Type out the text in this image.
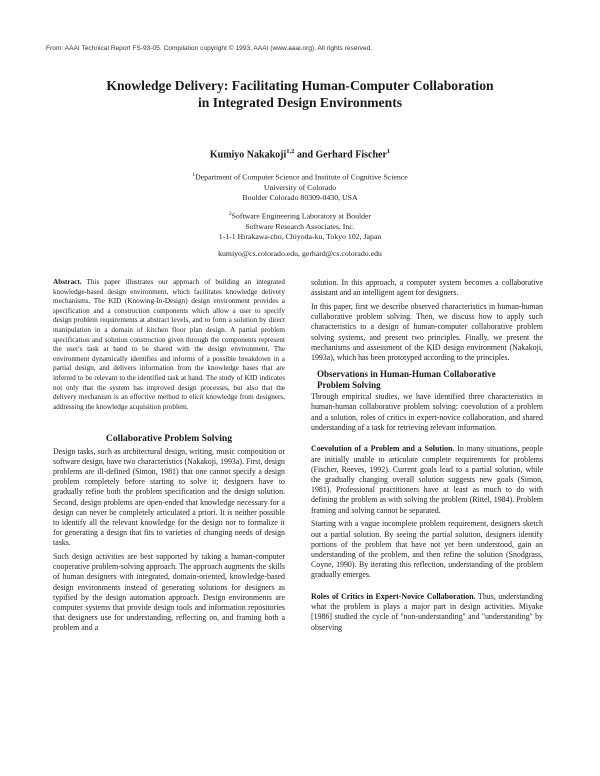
From: AAAI Technical Report FS-93-05. Compilation copyright © 1993, AAAI (www.aaai.org). All rights reserved.
Knowledge Delivery: Facilitating Human-Computer Collaboration
in Integrated Design Environments
Kumiyo Nakakoji$^{1,2}$ and Gerhard Fischer$^1$
$^1$Department of Computer Science and Institute of Cognitive Science
University of Colorado
Boulder Colorado 80309-0430, USA
$^2$Software Engineering Laboratory at Boulder
Software Research Associates, Inc.
1-1-1 Hirakawa-cho, Chiyoda-ku, Tokyo 102, Japan
kumiyo@cs.colorado.edu, gerhard@cs.colorado.edu
Abstract. This paper illustrates our approach of building an integrated knowledge-based design environment, which facilitates knowledge delivery mechanisms. The KID (Knowing-In-Design) design environment provides a specification and a construction components which allow a user to specify design problem requirements at abstract levels, and to form a solution by direct manipulation in a domain of kitchen floor plan design. A partial problem specification and solution construction given through the components represent the user's task at hand to be shared with the design environment. The environment dynamically identifies and informs of a possible breakdown in a partial design, and delivers information from the knowledge bases that are inferred to be relevant to the identified task at hand. The study of KID indicates not only that the system has improved design processes, but also that the delivery mechanism is an effective method to elicit knowledge from designers, addressing the knowledge acquisition problem.
Collaborative Problem Solving

Design tasks, such as architectural design, writing, music composition or software design, have two characteristics (Nakakoji, 1993a). First, design problems are ill-defined (Simon, 1981) that one cannot specify a design problem completely before starting to solve it; designers have to gradually refine both the problem specification and the design solution. Second, design problems are open-ended that knowledge necessary for a design can never be completely articulated a priori. It is neither possible to identify all the relevant knowledge for the design nor to formalize it for generating a design that fits to varieties of changing needs of design tasks.

Such design activities are best supported by taking a human-computer cooperative problem-solving approach. The approach augments the skills of human designers with integrated, domain-oriented, knowledge-based design environments instead of generating solutions for designers as typified by the design automation approach. Design environments are computer systems that provide design tools and information repositories that designers use for understanding, reflecting on, and framing both a problem and a

solution. In this approach, a computer system becomes a collaborative assistant and an intelligent agent for designers.

In this paper, first we describe observed characteristics in human-human collaborative problem solving. Then, we discuss how to apply such characteristics to a design of human-computer collaborative problem solving systems, and present two principles. Finally, we present the mechanisms and assessment of the KID design environment (Nakakoji, 1993a), which has been prototyped according to the principles.

Observations in Human-Human Collaborative
Problem Solving

Through empirical studies, we have identified three characteristics in human-human collaborative problem solving: coevolution of a problem and a solution, roles of critics in expert-novice collaboration, and shared understanding of a task for retrieving relevant information.

Coevolution of a Problem and a Solution. In many situations, people are initially unable to articulate complete requirements for problems (Fischer, Reeves, 1992). Current goals lead to a partial solution, while the gradually changing overall solution suggests new goals (Simon, 1981). Professional practitioners have at least as much to do with defining the problem as with solving the problem (Rittel, 1984). Problem framing and solving cannot be separated.

Starting with a vague incomplete problem requirement, designers sketch out a partial solution. By seeing the partial solution, designers identify portions of the problem that have not yet been understood, gain an understanding of the problem, and then refine the solution (Snodgrass, Coyne, 1990). By iterating this reflection, understanding of the problem gradually emerges.

Roles of Critics in Expert-Novice Collaboration. Thus, understanding what the problem is plays a major part in design activities. Miyake [1986] studied the cycle of ''non-understanding'' and ''understanding'' by observing
